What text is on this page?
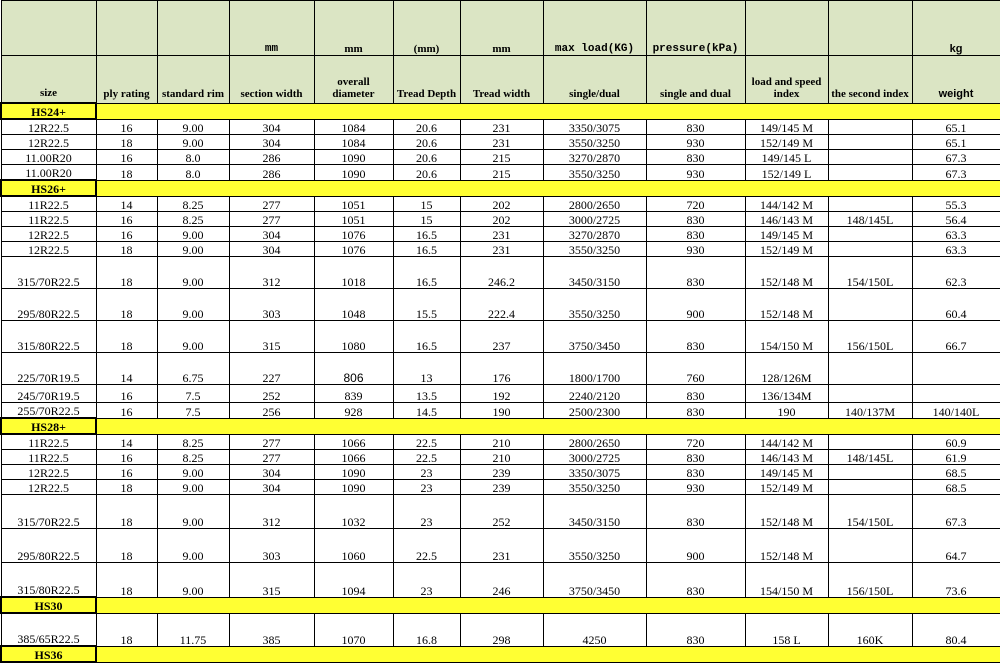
			mm	mm	(mm)	mm	max load(KG)	pressure(kPa)			kg
size	ply rating	standard rim	section width	overall diameter	Tread Depth	Tread width	single/dual	single and dual	load and speed index	the second index	weight
HS24+											
12R22.5	16	9.00	304	1084	20.6	231	3350/3075	830	149/145 M		65.1
12R22.5	18	9.00	304	1084	20.6	231	3550/3250	930	152/149 M		65.1
11.00R20	16	8.0	286	1090	20.6	215	3270/2870	830	149/145 L		67.3
11.00R20	18	8.0	286	1090	20.6	215	3550/3250	930	152/149 L		67.3
HS26+											
11R22.5	14	8.25	277	1051	15	202	2800/2650	720	144/142 M		55.3
11R22.5	16	8.25	277	1051	15	202	3000/2725	830	146/143 M	148/145L	56.4
12R22.5	16	9.00	304	1076	16.5	231	3270/2870	830	149/145 M		63.3
12R22.5	18	9.00	304	1076	16.5	231	3550/3250	930	152/149 M		63.3
315/70R22.5	18	9.00	312	1018	16.5	246.2	3450/3150	830	152/148 M	154/150L	62.3
295/80R22.5	18	9.00	303	1048	15.5	222.4	3550/3250	900	152/148 M		60.4
315/80R22.5	18	9.00	315	1080	16.5	237	3750/3450	830	154/150 M	156/150L	66.7
225/70R19.5	14	6.75	227	806	13	176	1800/1700	760	128/126M		
245/70R19.5	16	7.5	252	839	13.5	192	2240/2120	830	136/134M		
255/70R22.5	16	7.5	256	928	14.5	190	2500/2300	830	190	140/137M	140/140L
HS28+											
11R22.5	14	8.25	277	1066	22.5	210	2800/2650	720	144/142 M		60.9
11R22.5	16	8.25	277	1066	22.5	210	3000/2725	830	146/143 M	148/145L	61.9
12R22.5	16	9.00	304	1090	23	239	3350/3075	830	149/145 M		68.5
12R22.5	18	9.00	304	1090	23	239	3550/3250	930	152/149 M		68.5
315/70R22.5	18	9.00	312	1032	23	252	3450/3150	830	152/148 M	154/150L	67.3
295/80R22.5	18	9.00	303	1060	22.5	231	3550/3250	900	152/148 M		64.7
315/80R22.5	18	9.00	315	1094	23	246	3750/3450	830	154/150 M	156/150L	73.6
HS30											
385/65R22.5	18	11.75	385	1070	16.8	298	4250	830	158 L	160K	80.4
HS36											
